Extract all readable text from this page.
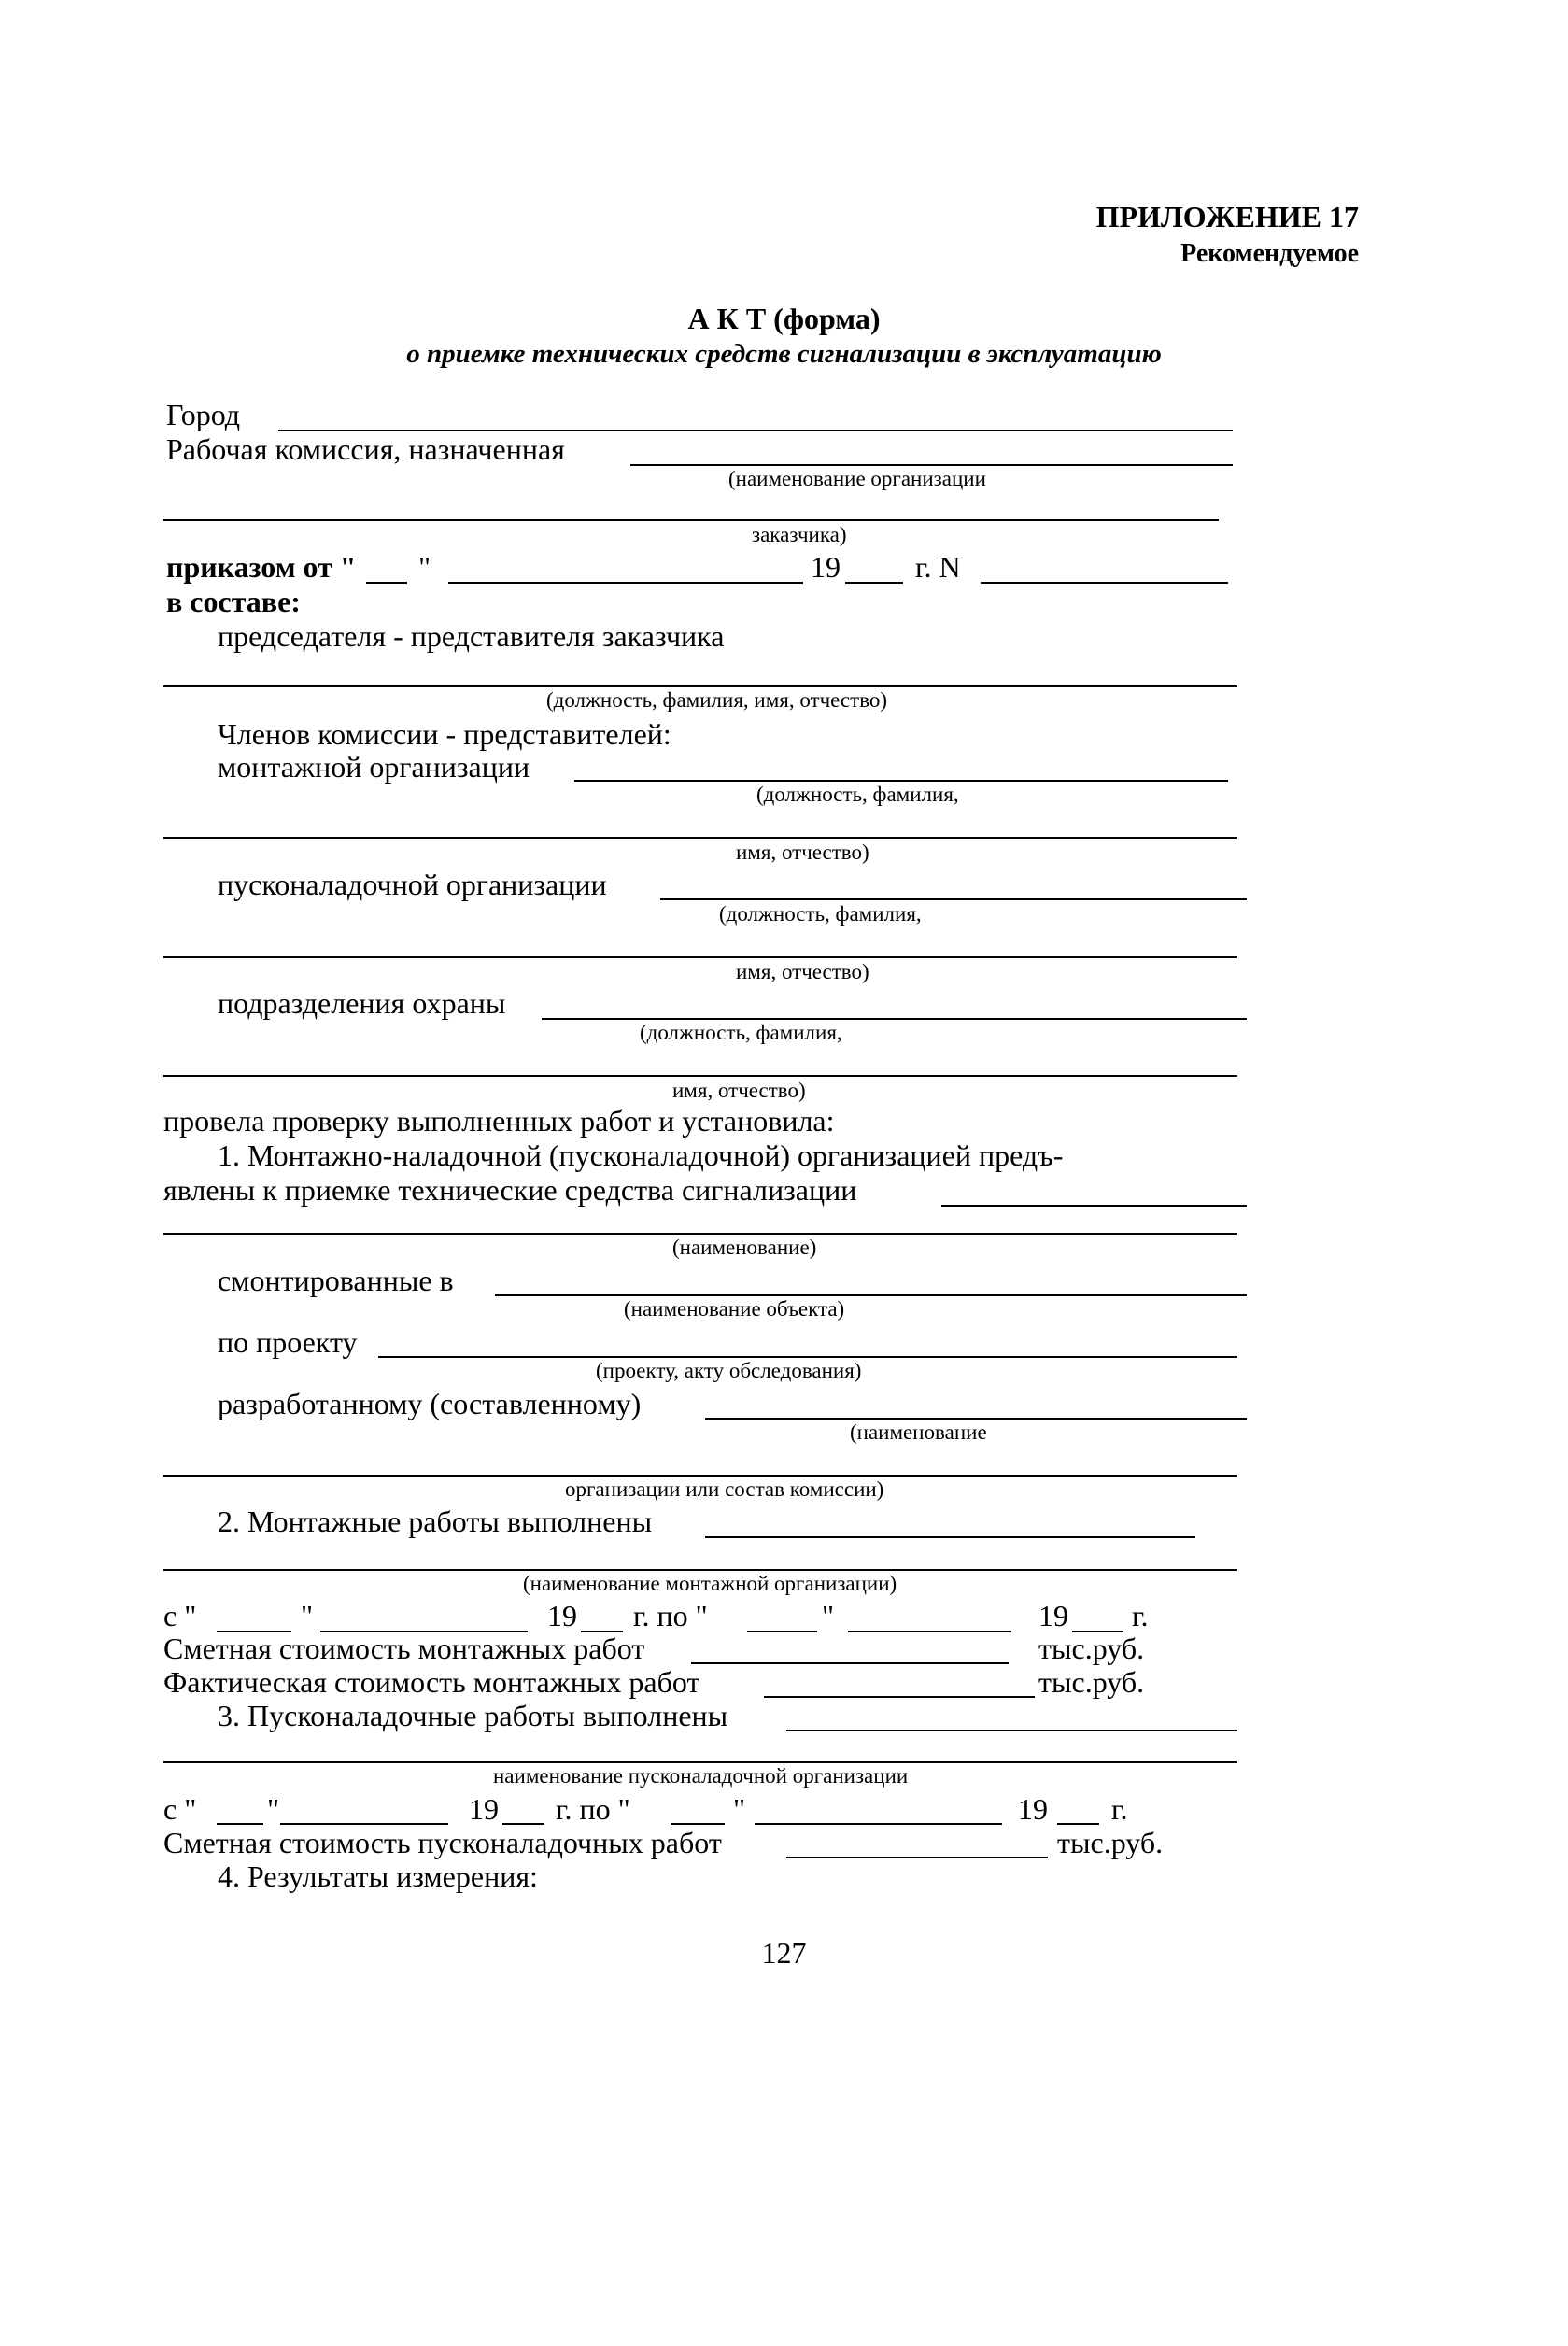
ПРИЛОЖЕНИЕ 17
Рекомендуемое
А К Т (форма)
о приемке технических средств сигнализации в эксплуатацию
Город
Рабочая комиссия, назначенная
(наименование организации
заказчика)
приказом от " "	19	г. N
в составе:
председателя - представителя заказчика
(должность, фамилия, имя, отчество)
Членов комиссии - представителей:
монтажной организации
(должность, фамилия,
имя, отчество)
пусконаладочной организации
(должность, фамилия,
имя, отчество)
подразделения охраны
(должность, фамилия,
имя, отчество)
провела проверку выполненных работ и установила:
1. Монтажно-наладочной (пусконаладочной) организацией предъ-
явлены к приемке технические средства сигнализации
(наименование)
смонтированные в
(наименование объекта)
по проекту
(проекту, акту обследования)
разработанному (составленному)
(наименование
организации или состав комиссии)
2. Монтажные работы выполнены
(наименование монтажной организации)
с "	"	19 г. по "	"	19 г.
Сметная стоимость монтажных работ	тыс.руб.
Фактическая стоимость монтажных работ	тыс.руб.
3. Пусконаладочные работы выполнены
наименование пусконаладочной организации
с " "	19 г. по "	"	19 г.
Сметная стоимость пусконаладочных работ	тыс.руб.
4. Результаты измерения:
127
